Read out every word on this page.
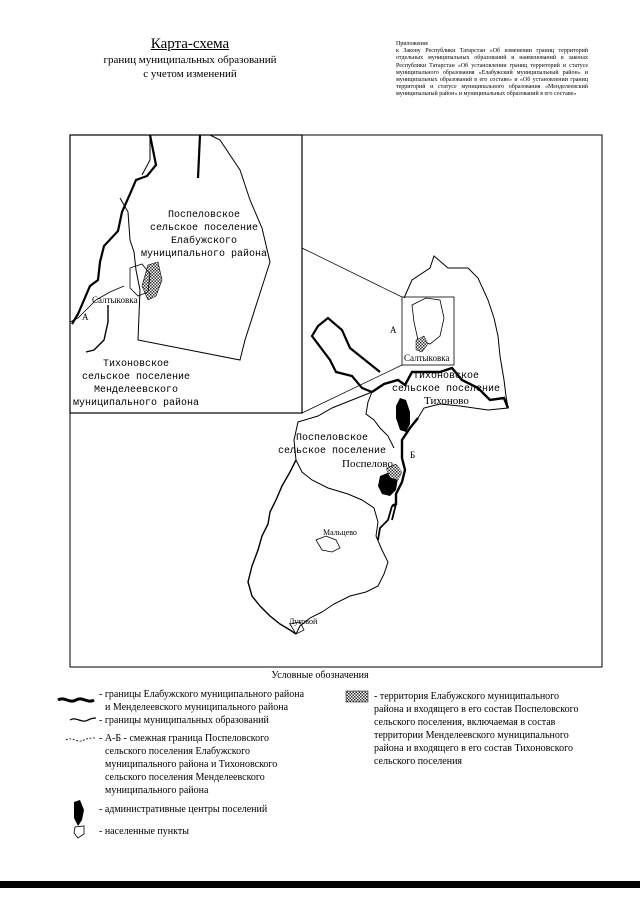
Карта-схема
границ муниципальных образований
с учетом изменений
Приложение
к Закону Республики Татарстан «Об изменении границ территорий отдельных муниципальных образований и наименований в законах Республики Татарстан «Об установлении границ территорий и статусе муниципального образования «Елабужский муниципальный район» и муниципальных образований в его составе» и «Об установлении границ территорий и статусе муниципального образования «Менделеевский муниципальный район» и муниципальных образований в его составе»
Поспеловское
сельское поселение
Елабужского
муниципального района
Тихоновское
сельское поселение
Менделеевского
муниципального района
Салтыковка
А
Салтыковка
Тихоновское
сельское поселение
Тихоново
Поспеловское
сельское поселение
Поспелово
Мальцево
Луговой
А
Б
Условные обозначения
- границы Елабужского муниципального района
и Менделеевского муниципального района
- границы муниципальных образований
- А-Б - смежная граница Поспеловского
сельского поселения Елабужского
муниципального района и Тихоновского
сельского поселения Менделеевского
муниципального района
- административные центры поселений
- населенные пункты
- территория Елабужского муниципального
района и входящего в его состав Поспеловского
сельского поселения, включаемая в состав
территории Менделеевского муниципального
района и входящего в его состав Тихоновского
сельского поселения
